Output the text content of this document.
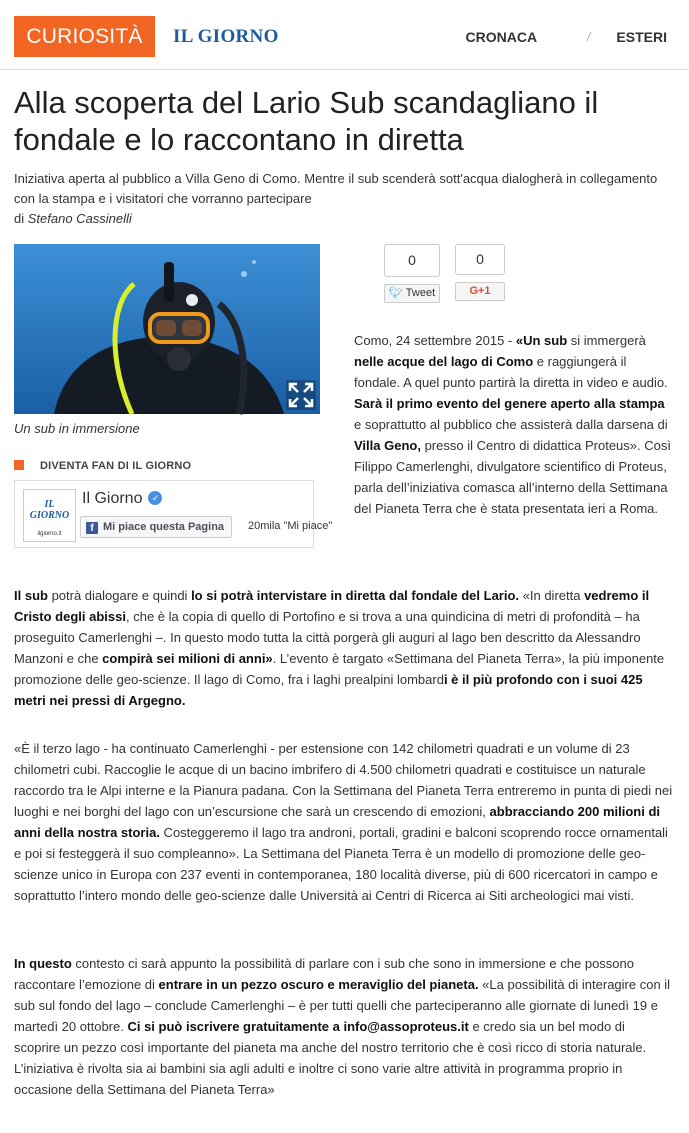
CURIOSITÀ	IL GIORNO	CRONACA	/ ESTERI
Alla scoperta del Lario Sub scandagliano il fondale e lo raccontano in diretta

Iniziativa aperta al pubblico a Villa Geno di Como. Mentre il sub scenderà sott'acqua dialogherà in collegamento con la stampa e i visitatori che vorranno partecipare

di Stefano Cassinelli

Un sub in immersione
DIVENTA FAN DI IL GIORNO
IL
GIORNO
ilgiorno.it
Il Giorno ✓
f Mi piace questa Pagina	20mila "Mi piace"
0
🐦︎ Tweet
0
G+1

Como, 24 settembre 2015 - «Un sub si immergerà nelle acque del lago di Como e raggiungerà il fondale. A quel punto partirà la diretta in video e audio. Sarà il primo evento del genere aperto alla stampa e soprattutto al pubblico che assisterà dalla darsena di Villa Geno, presso il Centro di didattica Proteus». Così Filippo Camerlenghi, divulgatore scientifico di Proteus, parla dell’iniziativa comasca all’interno della Settimana del Pianeta Terra che è stata presentata ieri a Roma.

Il sub potrà dialogare e quindi lo si potrà intervistare in diretta dal fondale del Lario. «In diretta vedremo il Cristo degli abissi, che è la copia di quello di Portofino e si trova a una quindicina di metri di profondità – ha proseguito Camerlenghi –. In questo modo tutta la città porgerà gli auguri al lago ben descritto da Alessandro Manzoni e che compirà sei milioni di anni». L’evento è targato «Settimana del Pianeta Terra», la più imponente promozione delle geo-scienze. Il lago di Como, fra i laghi prealpini lombardi è il più profondo con i suoi 425 metri nei pressi di Argegno.

«È il terzo lago - ha continuato Camerlenghi - per estensione con 142 chilometri quadrati e un volume di 23 chilometri cubi. Raccoglie le acque di un bacino imbrifero di 4.500 chilometri quadrati e costituisce un naturale raccordo tra le Alpi interne e la Pianura padana. Con la Settimana del Pianeta Terra entreremo in punta di piedi nei luoghi e nei borghi del lago con un’escursione che sarà un crescendo di emozioni, abbracciando 200 milioni di anni della nostra storia. Costeggeremo il lago tra androni, portali, gradini e balconi scoprendo rocce ornamentali e poi si festeggerà il suo compleanno». La Settimana del Pianeta Terra è un modello di promozione delle geo-scienze unico in Europa con 237 eventi in contemporanea, 180 località diverse, più di 600 ricercatori in campo e soprattutto l’intero mondo delle geo-scienze dalle Università ai Centri di Ricerca ai Siti archeologici mai visti.

In questo contesto ci sarà appunto la possibilità di parlare con i sub che sono in immersione e che possono raccontare l’emozione di entrare in un pezzo oscuro e meraviglio del pianeta. «La possibilità di interagire con il sub sul fondo del lago – conclude Camerlenghi – è per tutti quelli che parteciperanno alle giornate di lunedì 19 e martedì 20 ottobre. Ci si può iscrivere gratuitamente a info@assoproteus.it e credo sia un bel modo di scoprire un pezzo così importante del pianeta ma anche del nostro territorio che è così ricco di storia naturale. L’iniziativa è rivolta sia ai bambini sia agli adulti e inoltre ci sono varie altre attività in programma proprio in occasione della Settimana del Pianeta Terra»
